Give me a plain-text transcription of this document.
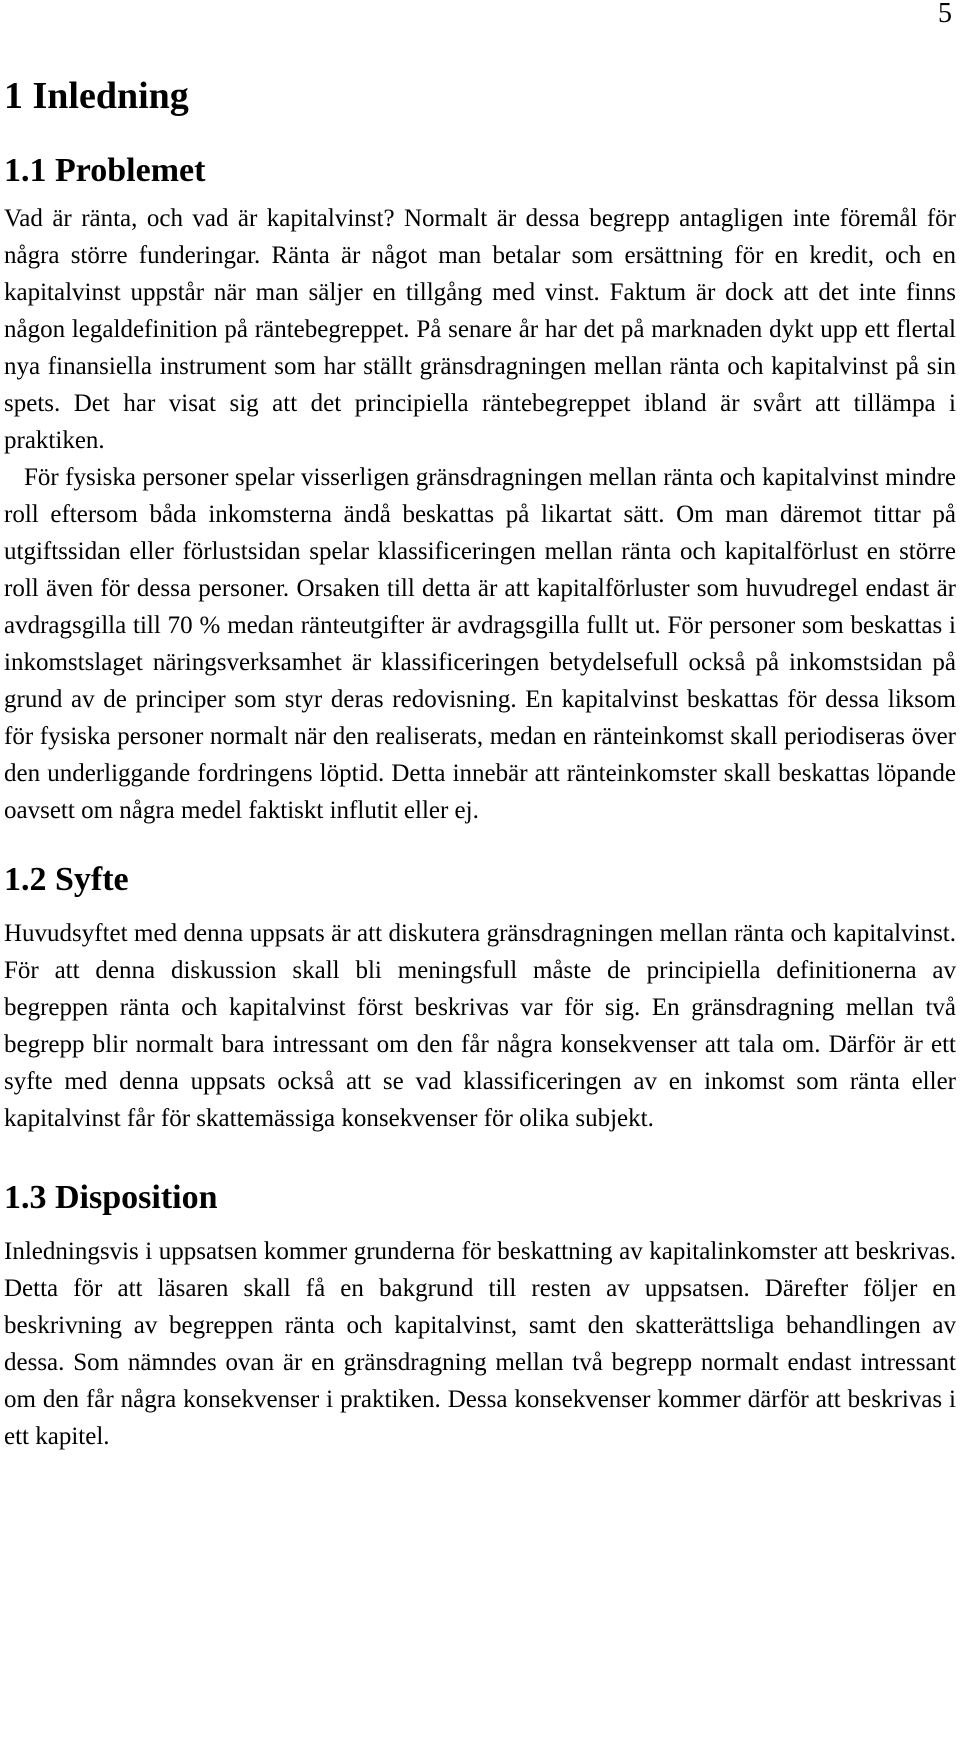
5
1 Inledning
1.1 Problemet

Vad är ränta, och vad är kapitalvinst? Normalt är dessa begrepp antagligen inte föremål för några större funderingar. Ränta är något man betalar som ersättning för en kredit, och en kapitalvinst uppstår när man säljer en tillgång med vinst. Faktum är dock att det inte finns någon legaldefinition på räntebegreppet. På senare år har det på marknaden dykt upp ett flertal nya finansiella instrument som har ställt gränsdragningen mellan ränta och kapitalvinst på sin spets. Det har visat sig att det principiella räntebegreppet ibland är svårt att tillämpa i praktiken.

För fysiska personer spelar visserligen gränsdragningen mellan ränta och kapitalvinst mindre roll eftersom båda inkomsterna ändå beskattas på likartat sätt. Om man däremot tittar på utgiftssidan eller förlustsidan spelar klassificeringen mellan ränta och kapitalförlust en större roll även för dessa personer. Orsaken till detta är att kapitalförluster som huvudregel endast är avdragsgilla till 70 % medan ränteutgifter är avdragsgilla fullt ut. För personer som beskattas i inkomstslaget näringsverksamhet är klassificeringen betydelsefull också på inkomstsidan på grund av de principer som styr deras redovisning. En kapitalvinst beskattas för dessa liksom för fysiska personer normalt när den realiserats, medan en ränteinkomst skall periodiseras över den underliggande fordringens löptid. Detta innebär att ränteinkomster skall beskattas löpande oavsett om några medel faktiskt influtit eller ej.

1.2 Syfte

Huvudsyftet med denna uppsats är att diskutera gränsdragningen mellan ränta och kapitalvinst. För att denna diskussion skall bli meningsfull måste de principiella definitionerna av begreppen ränta och kapitalvinst först beskrivas var för sig. En gränsdragning mellan två begrepp blir normalt bara intressant om den får några konsekvenser att tala om. Därför är ett syfte med denna uppsats också att se vad klassificeringen av en inkomst som ränta eller kapitalvinst får för skattemässiga konsekvenser för olika subjekt.

1.3 Disposition

Inledningsvis i uppsatsen kommer grunderna för beskattning av kapitalinkomster att beskrivas. Detta för att läsaren skall få en bakgrund till resten av uppsatsen. Därefter följer en beskrivning av begreppen ränta och kapitalvinst, samt den skatterättsliga behandlingen av dessa. Som nämndes ovan är en gränsdragning mellan två begrepp normalt endast intressant om den får några konsekvenser i praktiken. Dessa konsekvenser kommer därför att beskrivas i ett kapitel.
